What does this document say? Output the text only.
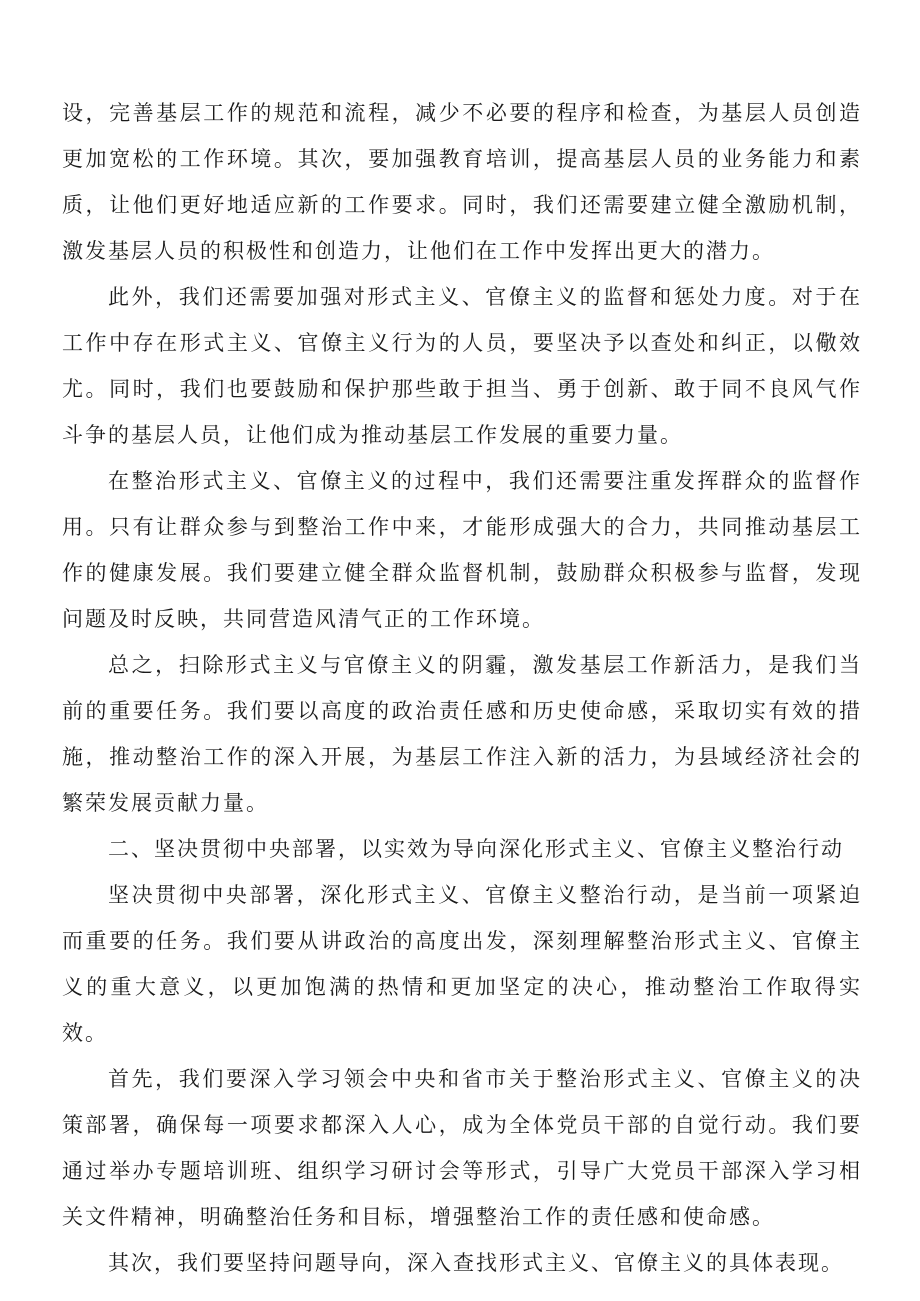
设，完善基层工作的规范和流程，减少不必要的程序和检查，为基层人员创造更加宽松的工作环境。其次，要加强教育培训，提高基层人员的业务能力和素质，让他们更好地适应新的工作要求。同时，我们还需要建立健全激励机制，激发基层人员的积极性和创造力，让他们在工作中发挥出更大的潜力。

此外，我们还需要加强对形式主义、官僚主义的监督和惩处力度。对于在工作中存在形式主义、官僚主义行为的人员，要坚决予以查处和纠正，以儆效尤。同时，我们也要鼓励和保护那些敢于担当、勇于创新、敢于同不良风气作斗争的基层人员，让他们成为推动基层工作发展的重要力量。

在整治形式主义、官僚主义的过程中，我们还需要注重发挥群众的监督作用。只有让群众参与到整治工作中来，才能形成强大的合力，共同推动基层工作的健康发展。我们要建立健全群众监督机制，鼓励群众积极参与监督，发现问题及时反映，共同营造风清气正的工作环境。

总之，扫除形式主义与官僚主义的阴霾，激发基层工作新活力，是我们当前的重要任务。我们要以高度的政治责任感和历史使命感，采取切实有效的措施，推动整治工作的深入开展，为基层工作注入新的活力，为县域经济社会的繁荣发展贡献力量。

二、坚决贯彻中央部署，以实效为导向深化形式主义、官僚主义整治行动

坚决贯彻中央部署，深化形式主义、官僚主义整治行动，是当前一项紧迫而重要的任务。我们要从讲政治的高度出发，深刻理解整治形式主义、官僚主义的重大意义，以更加饱满的热情和更加坚定的决心，推动整治工作取得实效。

首先，我们要深入学习领会中央和省市关于整治形式主义、官僚主义的决策部署，确保每一项要求都深入人心，成为全体党员干部的自觉行动。我们要通过举办专题培训班、组织学习研讨会等形式，引导广大党员干部深入学习相关文件精神，明确整治任务和目标，增强整治工作的责任感和使命感。

其次，我们要坚持问题导向，深入查找形式主义、官僚主义的具体表现。
